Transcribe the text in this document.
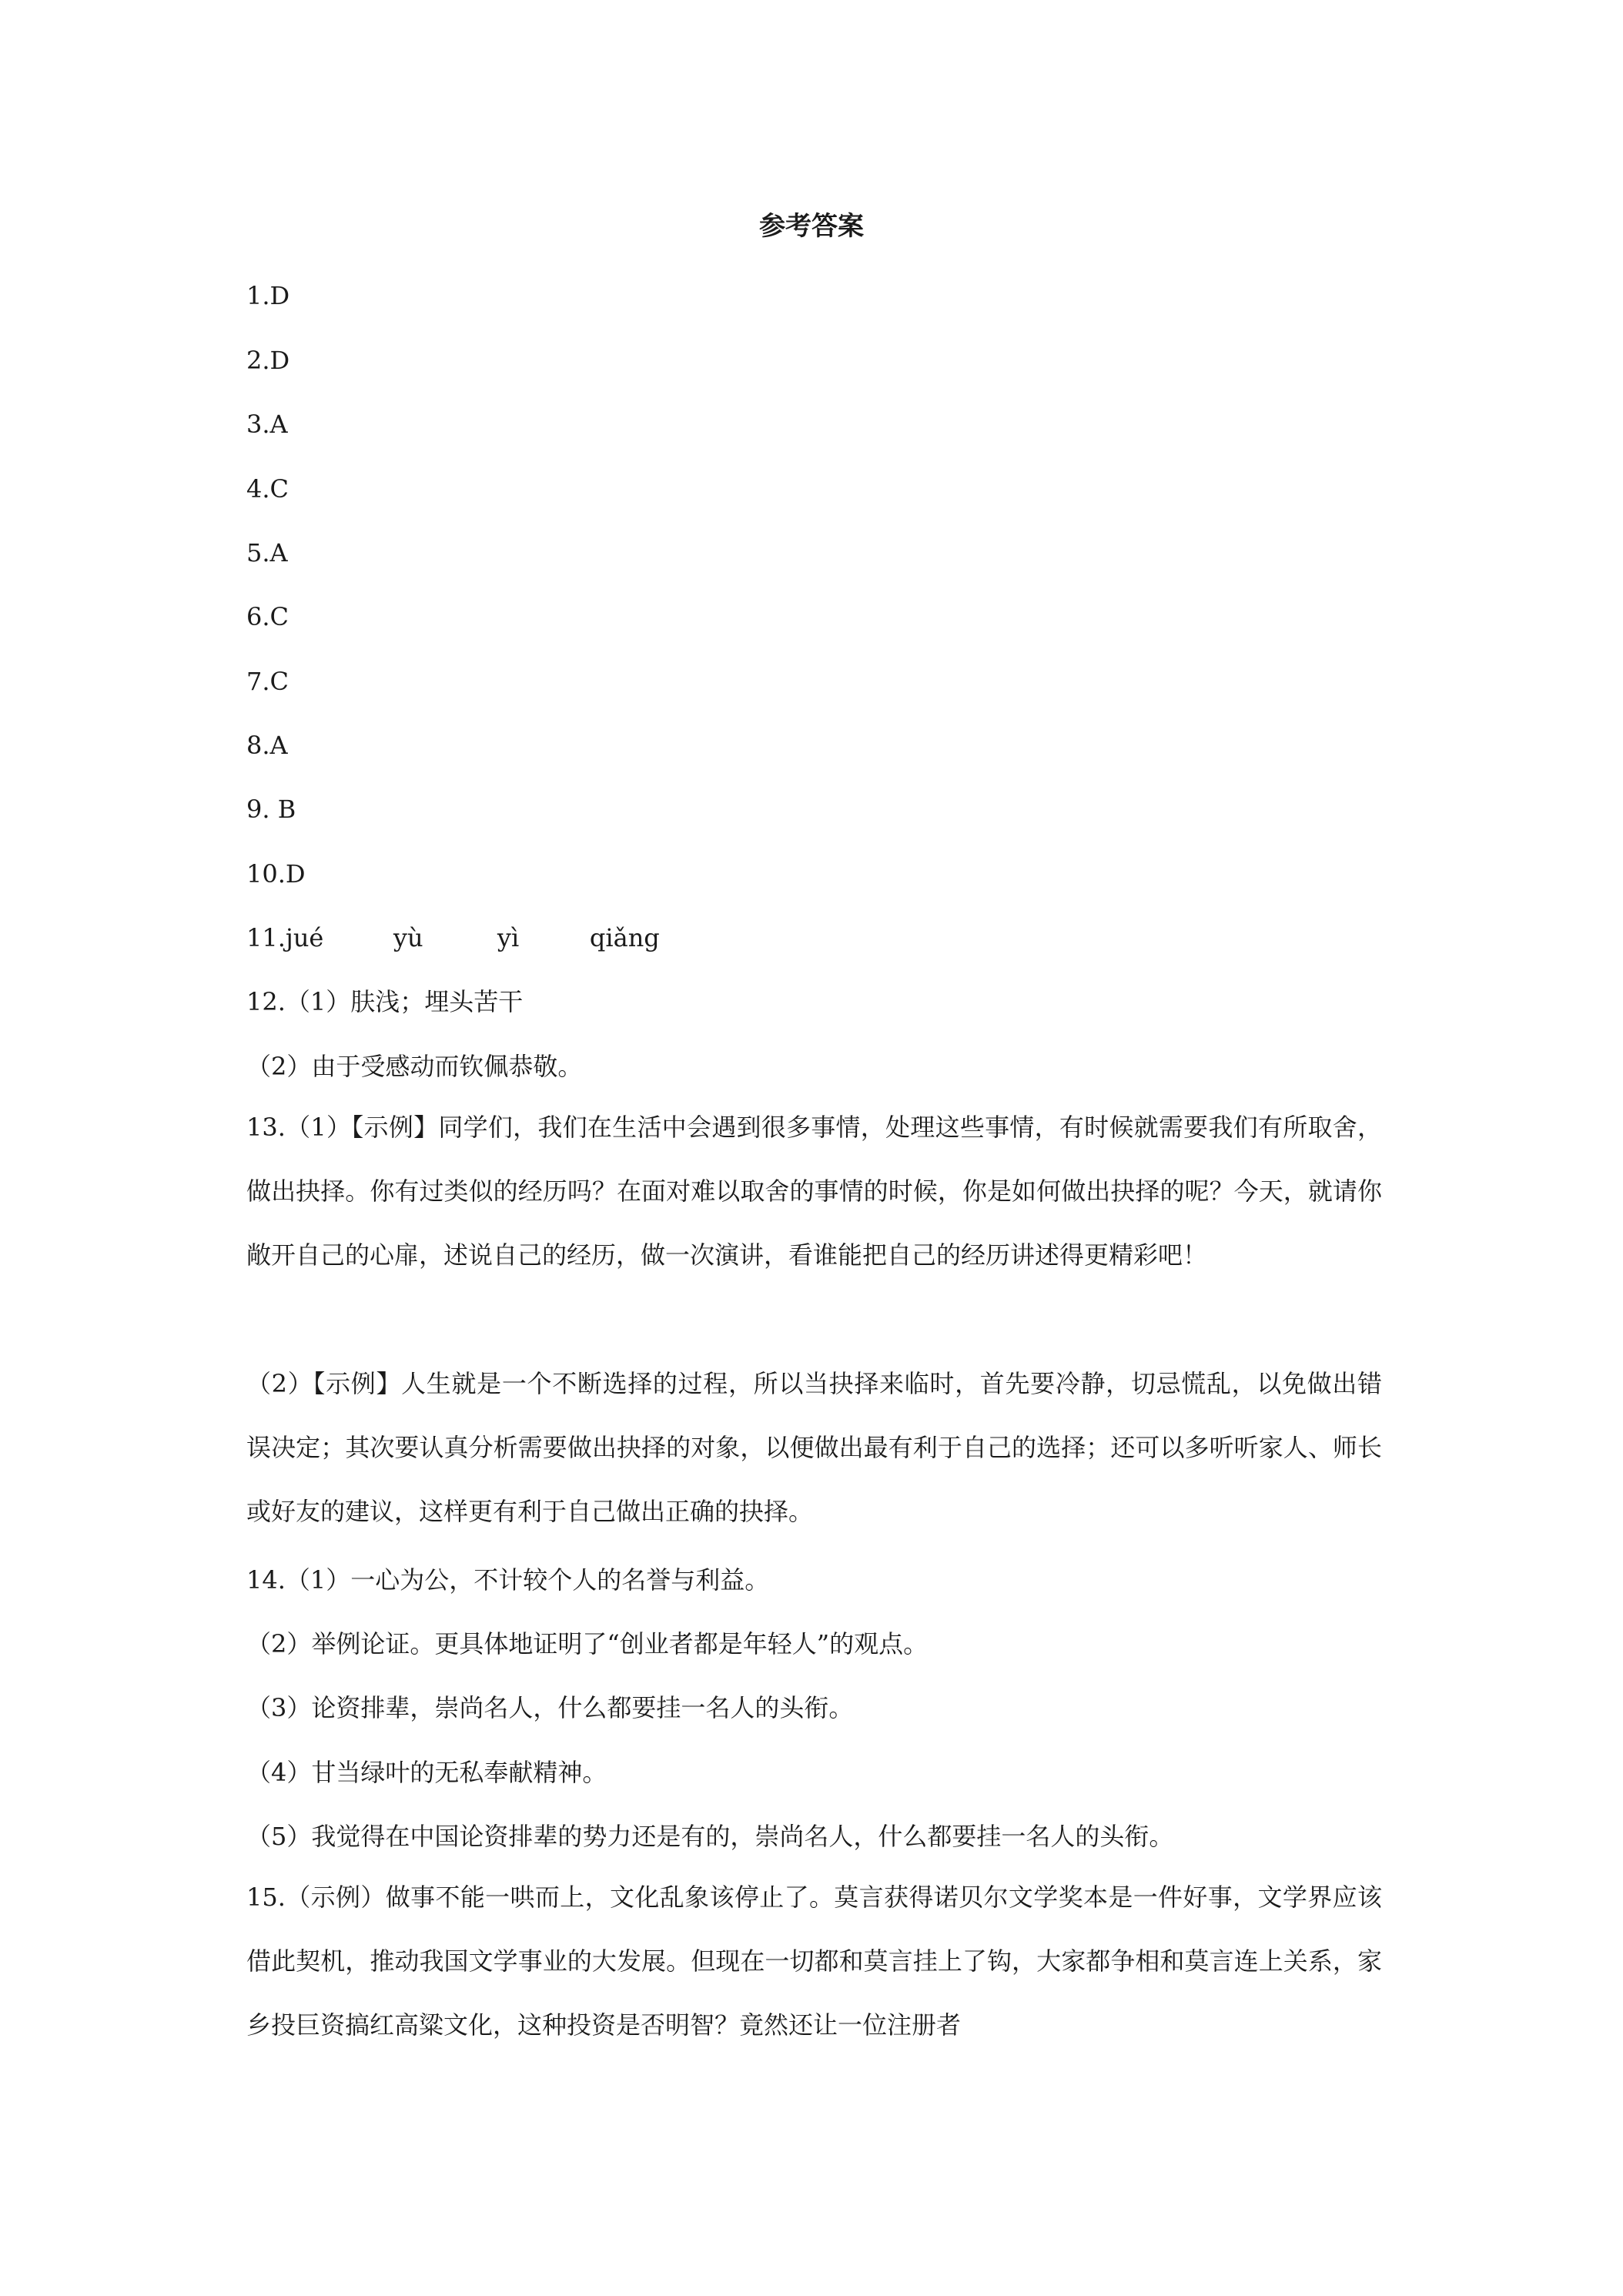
参考答案
1.D
2.D
3.A
4.C
5.A
6.C
7.C
8.A
9. B
10.D
11.jué	yù	yì	qiǎng
12.（1）肤浅；埋头苦干
（2）由于受感动而钦佩恭敬。
13.（1）【示例】同学们，我们在生活中会遇到很多事情，处理这些事情，有时候就需要我们有所取舍，做出抉择。你有过类似的经历吗？在面对难以取舍的事情的时候，你是如何做出抉择的呢？今天，就请你敞开自己的心扉，述说自己的经历，做一次演讲，看谁能把自己的经历讲述得更精彩吧！
（2）【示例】人生就是一个不断选择的过程，所以当抉择来临时，首先要冷静，切忌慌乱，以免做出错误决定；其次要认真分析需要做出抉择的对象，以便做出最有利于自己的选择；还可以多听听家人、师长或好友的建议，这样更有利于自己做出正确的抉择。
14.（1）一心为公，不计较个人的名誉与利益。
（2）举例论证。更具体地证明了“创业者都是年轻人”的观点。
（3）论资排辈，崇尚名人，什么都要挂一名人的头衔。
（4）甘当绿叶的无私奉献精神。
（5）我觉得在中国论资排辈的势力还是有的，崇尚名人，什么都要挂一名人的头衔。
15.（示例）做事不能一哄而上，文化乱象该停止了。莫言获得诺贝尔文学奖本是一件好事，文学界应该借此契机，推动我国文学事业的大发展。但现在一切都和莫言挂上了钩，大家都争相和莫言连上关系，家乡投巨资搞红高粱文化，这种投资是否明智？竟然还让一位注册者
